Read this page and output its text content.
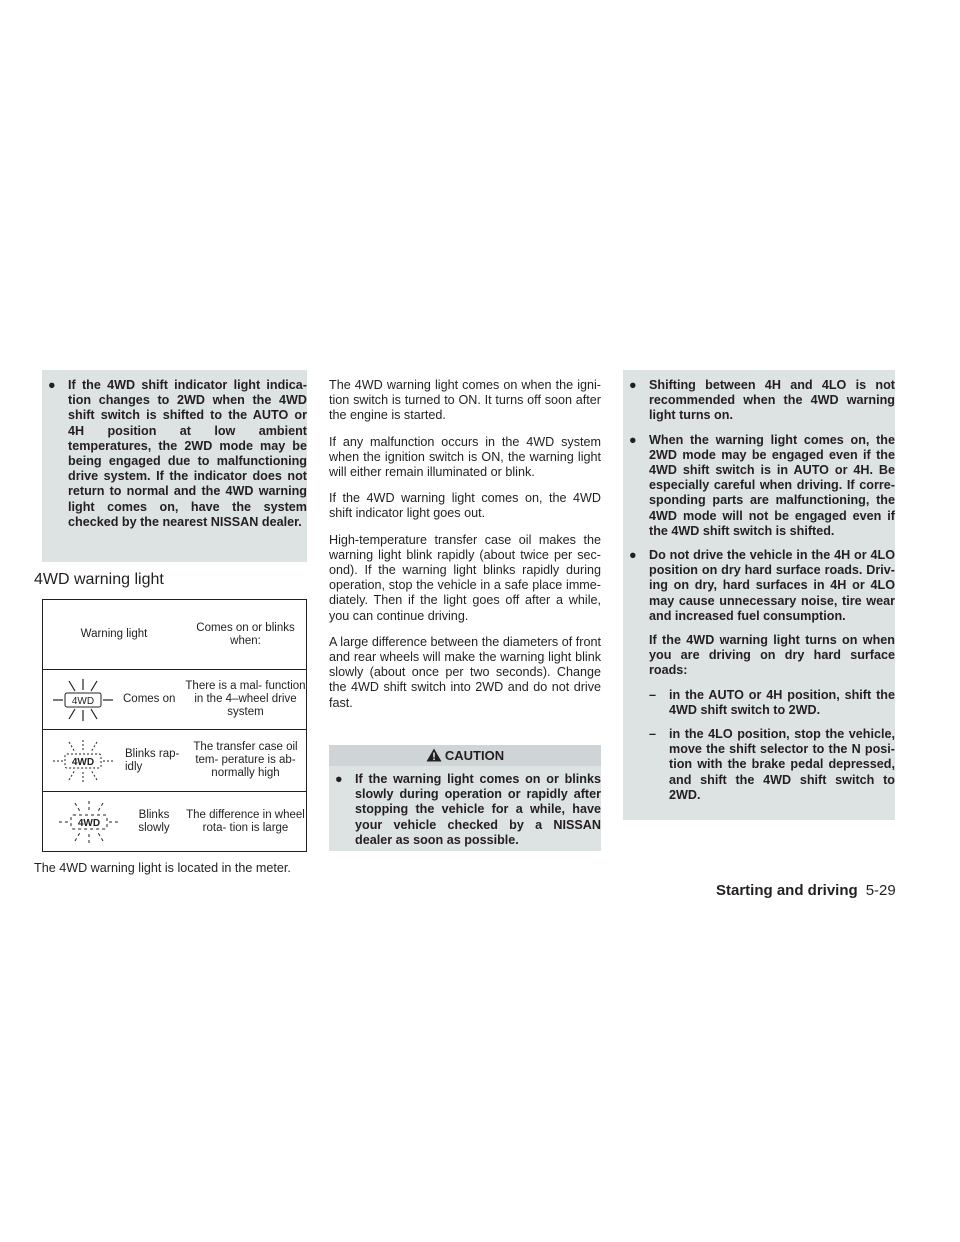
● If the 4WD shift indicator light indica- tion changes to 2WD when the 4WD shift switch is shifted to the AUTO or 4H position at low ambient temperatures, the 2WD mode may be being engaged due to malfunctioning drive system. If the indicator does not return to normal and the 4WD warning light comes on, have the system checked by the nearest NISSAN dealer.
4WD warning light
Warning light	Comes on or blinks when:

4WD Comes on	There is a mal- function in the 4–wheel drive system

4WD
Blinks rap- idly	The transfer case oil tem- perature is ab- normally high

4WD
Blinks slowly	The difference in wheel rota- tion is large

The 4WD warning light is located in the meter.

The 4WD warning light comes on when the igni- tion switch is turned to ON. It turns off soon after the engine is started.

If any malfunction occurs in the 4WD system when the ignition switch is ON, the warning light will either remain illuminated or blink.

If the 4WD warning light comes on, the 4WD shift indicator light goes out.

High-temperature transfer case oil makes the warning light blink rapidly (about twice per sec- ond). If the warning light blinks rapidly during operation, stop the vehicle in a safe place imme- diately. Then if the light goes off after a while, you can continue driving.

A large difference between the diameters of front and rear wheels will make the warning light blink slowly (about once per two seconds). Change the 4WD shift switch into 2WD and do not drive fast.

CAUTION
● If the warning light comes on or blinks slowly during operation or rapidly after stopping the vehicle for a while, have your vehicle checked by a NISSAN dealer as soon as possible.
● Shifting between 4H and 4LO is not recommended when the 4WD warning light turns on.
● When the warning light comes on, the 2WD mode may be engaged even if the 4WD shift switch is in AUTO or 4H. Be especially careful when driving. If corre- sponding parts are malfunctioning, the 4WD mode will not be engaged even if the 4WD shift switch is shifted.
● Do not drive the vehicle in the 4H or 4LO position on dry hard surface roads. Driv- ing on dry, hard surfaces in 4H or 4LO may cause unnecessary noise, tire wear and increased fuel consumption.
If the 4WD warning light turns on when you are driving on dry hard surface roads:
– in the AUTO or 4H position, shift the 4WD shift switch to 2WD.
– in the 4LO position, stop the vehicle, move the shift selector to the N posi- tion with the brake pedal depressed, and shift the 4WD shift switch to 2WD.
Starting and driving 5-29
